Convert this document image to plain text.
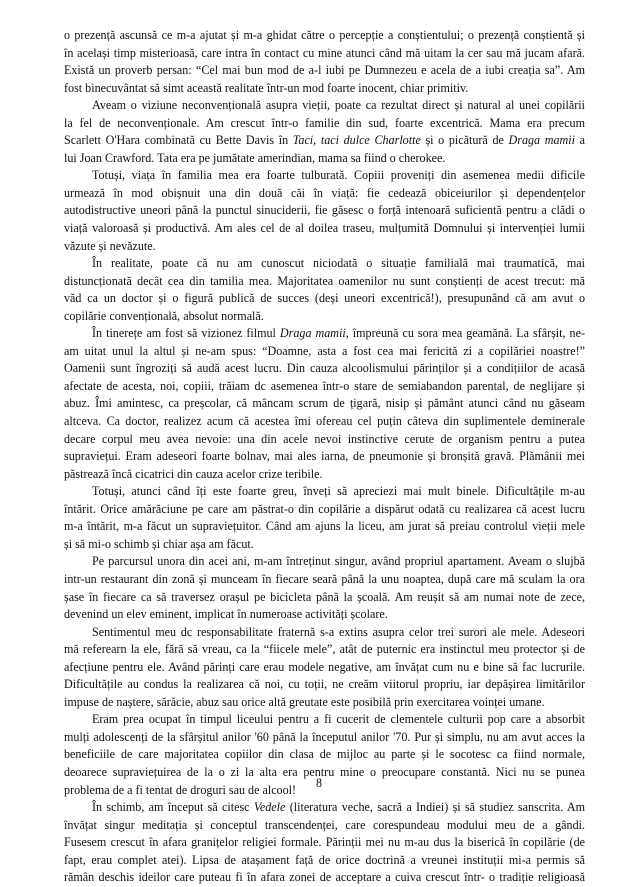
o prezență ascunsă ce m-a ajutat și m-a ghidat către o percepție a conștientului; o prezență conștientă și
în același timp misterioasă, care intra în contact cu mine atunci când mă uitam la cer sau mă jucam afară.
Există un proverb persan: “Cel mai bun mod de a-l iubi pe Dumnezeu e acela de a iubi creația sa”. Am
fost binecuvântat să simt această realitate într-un mod foarte inocent, chiar primitiv.

Aveam o viziune neconvențională asupra vieții, poate ca rezultat direct și natural al unei copilării
la fel de neconvenționale. Am crescut într-o familie din sud, foarte excentrică. Mama era precum
Scarlett O'Hara combinată cu Bette Davis în Taci, taci dulce Charlotte și o picătură de Draga mamii a
lui Joan Crawford. Tata era pe jumătate amerindian, mama sa fiind o cherokee.

Totuși, viața în familia mea era foarte tulburată. Copiii proveniți din asemenea medii dificile
urmează în mod obișnuit una din două căi în viață: fie cedează obiceiurilor și dependențelor
autodistructive uneori până la punctul sinuciderii, fie găsesc o forță intenoară suficientă pentru a clădi o
viață valoroasă și productivă. Am ales cel de al doilea traseu, mulțumită Domnului și intervenției lumii
văzute și nevăzute.

În realitate, poate că nu am cunoscut niciodată o situație familială mai traumatică, mai
distuncționată decât cea din tamilia mea. Majoritatea oamenilor nu sunt conștienți de acest trecut: mă
văd ca un doctor și o figură publică de succes (deși uneori excentrică!), presupunând că am avut o
copilărie convențională, absolut normală.

În tinerețe am fost să vizionez filmul Draga mamii, împreună cu sora mea geamănă. La sfârșit, ne-
am uitat unul la altul și ne-am spus: “Doamne, asta a fost cea mai fericită zi a copilăriei noastre!”
Oamenii sunt îngroziți să audă acest lucru. Din cauza alcoolismului părinților și a condițiilor de acasă
afectate de acesta, noi, copiii, trăiam dc asemenea într-o stare de semiabandon parental, de neglijare și
abuz. Îmi amintesc, ca preșcolar, că mâncam scrum de țigară, nisip și pământ atunci când nu găseam
altceva. Ca doctor, realizez acum că acestea îmi ofereau cel puțin câteva din suplimentele deminerale
decare corpul meu avea nevoie: una din acele nevoi instinctive cerute de organism pentru a putea
supraviețui. Eram adeseori foarte bolnav, mai ales iarna, de pneumonie și bronșită gravă. Plămânii mei
păstrează încă cicatrici din cauza acelor crize teribile.

Totuși, atunci când îți este foarte greu, înveți să apreciezi mai mult binele. Dificultățile m-au
întărit. Orice amărăciune pe care am păstrat-o din copilărie a dispărut odată cu realizarea că acest lucru
m-a întărit, m-a făcut un supraviețuitor. Când am ajuns la liceu, am jurat să preiau controlul vieții mele
și să mi-o schimb și chiar așa am făcut.

Pe parcursul unora din acei ani, m-am întreținut singur, având propriul apartament. Aveam o slujbă
intr-un restaurant din zonă și munceam în fiecare seară până la unu noaptea, după care mă sculam la ora
șase în fiecare ca să traversez orașul pe bicicleta până la școală. Am reușit să am numai note de zece,
devenind un elev eminent, implicat în numeroase activități școlare.

Sentimentul meu dc responsabilitate fraternă s-a extins asupra celor trei surori ale mele. Adeseori
mă referearn la ele, fără să vreau, ca la “fiicele mele”, atât de puternic era instinctul meu protector și de
afecțiune pentru ele. Având părinți care erau modele negative, am învățat cum nu e bine să fac lucrurile.
Dificultățile au condus la realizarea că noi, cu toții, ne creăm viitorul propriu, iar depășirea limitărilor
impuse de naștere, sărăcie, abuz sau orice altă greutate este posibilă prin exercitarea voinței umane.

Eram prea ocupat în timpul liceului pentru a fi cucerit de clementele culturii pop care a absorbit
mulți adolescenți de la sfârșitul anilor '60 până la începutul anilor '70. Pur și simplu, nu am avut acces la
beneficiile de care majoritatea copiilor din clasa de mijloc au parte și le socotesc ca fiind normale,
deoarece supraviețuirea de la o zi la alta era pentru mine o preocupare constantă. Nici nu se punea
problema de a fi tentat de droguri sau de alcool!

În schimb, am început să citesc Vedele (literatura veche, sacră a Indiei) și să studiez sanscrita. Am
învățat singur meditația și conceptul transcendenței, care corespundeau modului meu de a gândi.
Fusesem crescut în afara granițelor religiei formale. Părinții mei nu m-au dus la biserică în copilărie (de
fapt, erau complet atei). Lipsa de atașament față de orice doctrină a vreunei instituții mi-a permis să
rămân deschis ideilor care puteau fi în afara zonei de acceptare a cuiva crescut într- o tradiție religioasă

8
